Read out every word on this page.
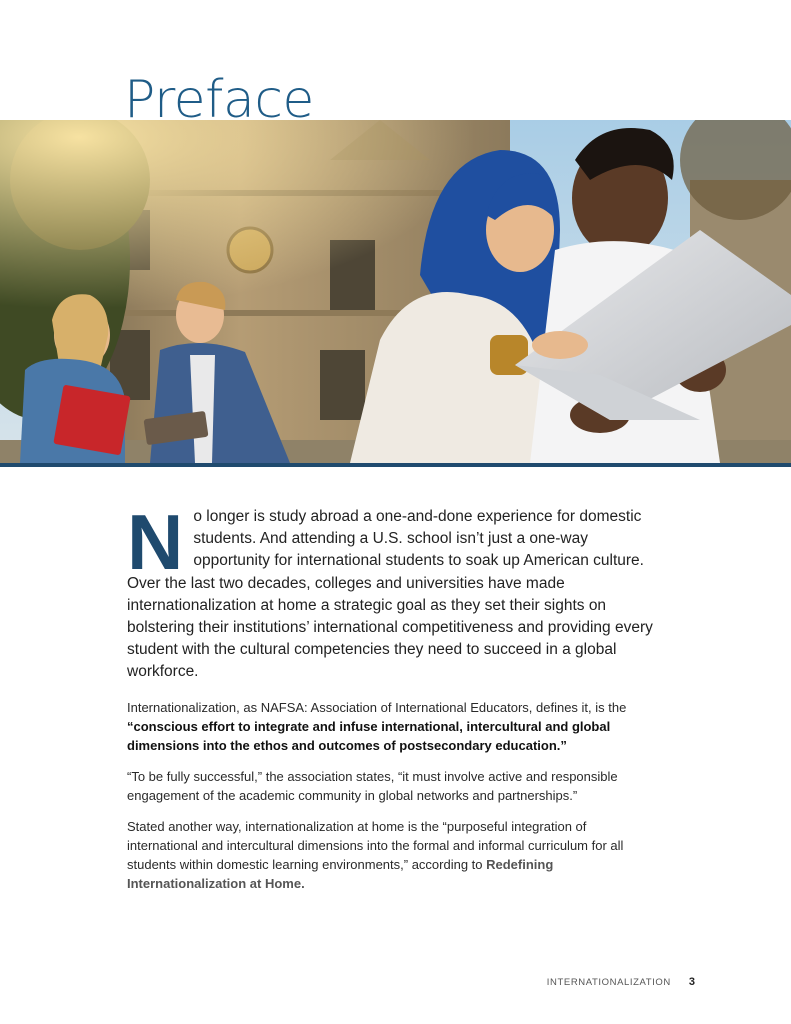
Preface

No longer is study abroad a one-and-done experience for domestic students. And attending a U.S. school isn’t just a one-way opportunity for international students to soak up American culture. Over the last two decades, colleges and universities have made internationalization at home a strategic goal as they set their sights on bolstering their institutions’ international competitiveness and providing every student with the cultural competencies they need to succeed in a global workforce.

Internationalization, as NAFSA: Association of International Educators, defines it, is the “conscious effort to integrate and infuse international, intercultural and global dimensions into the ethos and outcomes of postsecondary education.”

“To be fully successful,” the association states, “it must involve active and responsible engagement of the academic community in global networks and partnerships.”

Stated another way, internationalization at home is the “purposeful integration of international and intercultural dimensions into the formal and informal curriculum for all students within domestic learning environments,” according to Redefining Internationalization at Home.

INTERNATIONALIZATION 3
